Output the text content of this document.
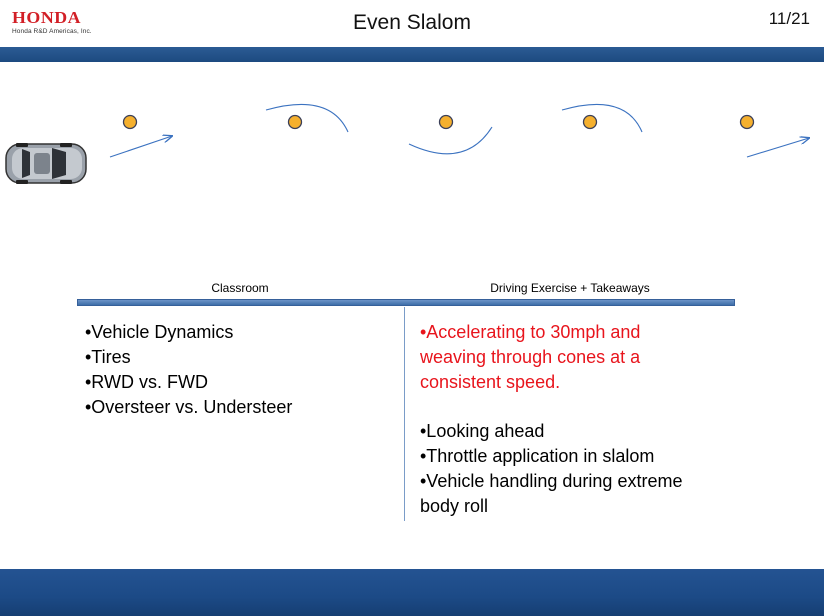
HONDA
Honda R&D Americas, Inc.	Even Slalom	11/21
Classroom	Driving Exercise + Takeaways
•Vehicle Dynamics
•Tires
•RWD vs. FWD
•Oversteer vs. Understeer
•Accelerating to 30mph and
weaving through cones at a
consistent speed.
•Looking ahead
•Throttle application in slalom
•Vehicle handling during extreme
body roll
